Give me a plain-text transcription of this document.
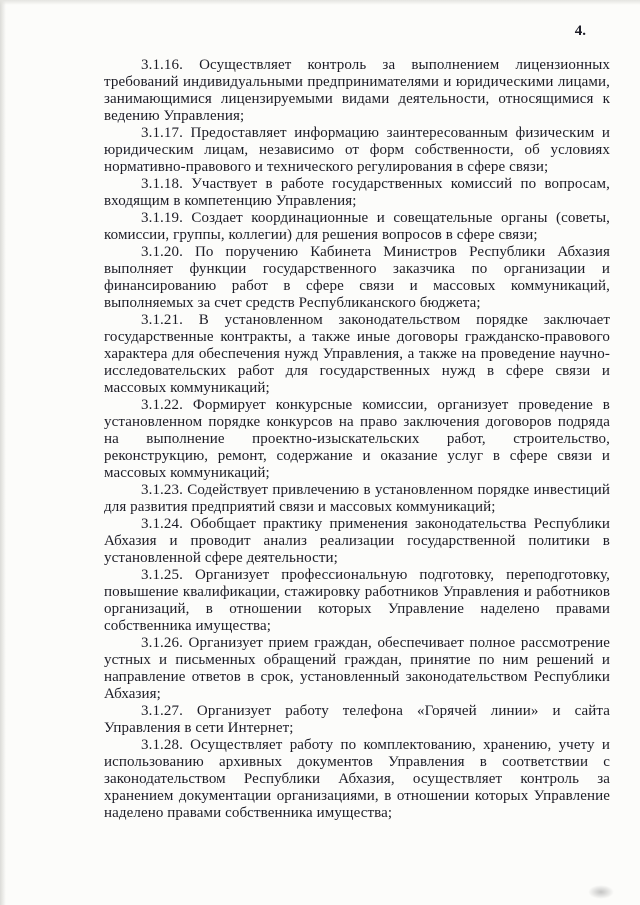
4.

3.1.16. Осуществляет контроль за выполнением лицензионных требований индивидуальными предпринимателями и юридическими лицами, занимающимися лицензируемыми видами деятельности, относящимися к ведению Управления;

3.1.17. Предоставляет информацию заинтересованным физическим и юридическим лицам, независимо от форм собственности, об условиях нормативно-правового и технического регулирования в сфере связи;

3.1.18. Участвует в работе государственных комиссий по вопросам, входящим в компетенцию Управления;

3.1.19. Создает координационные и совещательные органы (советы, комиссии, группы, коллегии) для решения вопросов в сфере связи;

3.1.20. По поручению Кабинета Министров Республики Абхазия выполняет функции государственного заказчика по организации и финансированию работ в сфере связи и массовых коммуникаций, выполняемых за счет средств Республиканского бюджета;

3.1.21. В установленном законодательством порядке заключает государственные контракты, а также иные договоры гражданско-правового характера для обеспечения нужд Управления, а также на проведение научно-исследовательских работ для государственных нужд в сфере связи и массовых коммуникаций;

3.1.22. Формирует конкурсные комиссии, организует проведение в установленном порядке конкурсов на право заключения договоров подряда на выполнение проектно-изыскательских работ, строительство, реконструкцию, ремонт, содержание и оказание услуг в сфере связи и массовых коммуникаций;

3.1.23. Содействует привлечению в установленном порядке инвестиций для развития предприятий связи и массовых коммуникаций;

3.1.24. Обобщает практику применения законодательства Республики Абхазия и проводит анализ реализации государственной политики в установленной сфере деятельности;

3.1.25. Организует профессиональную подготовку, переподготовку, повышение квалификации, стажировку работников Управления и работников организаций, в отношении которых Управление наделено правами собственника имущества;

3.1.26. Организует прием граждан, обеспечивает полное рассмотрение устных и письменных обращений граждан, принятие по ним решений и направление ответов в срок, установленный законодательством Республики Абхазия;

3.1.27. Организует работу телефона «Горячей линии» и сайта Управления в сети Интернет;

3.1.28. Осуществляет работу по комплектованию, хранению, учету и использованию архивных документов Управления в соответствии с законодательством Республики Абхазия, осуществляет контроль за хранением документации организациями, в отношении которых Управление наделено правами собственника имущества;
